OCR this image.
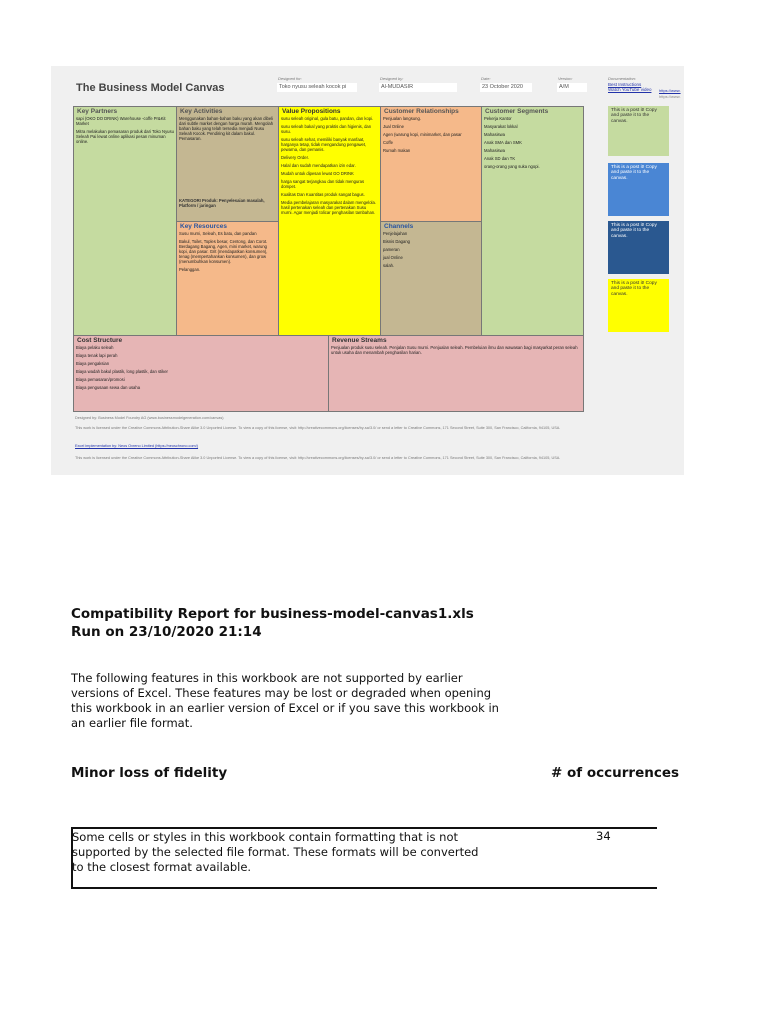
The Business Model Canvas
Designed for:
Toko nyusu seleah kocok pi
Designed by:
Al-MUDASIR
Date:
23 October 2020
Version:
A/M
Documentation:
Best Instructions
Watch YouTube video https://www.
https://www.
Key Partners
sapi (OKO DO DRINK) Warehouse -coffe Pr&Kit Market
Mitra melakukan pemasaran produk dari Toko Nyusu Seleah Pai lewat online aplikasi pesan minuman online.
Key Activities
Menggunakan bahan-bahan baku yang akan dibeli dari subtle market dengan harga murah. Mengolah bahan baku yang telah tersedia menjadi Nusu Seleah Kocok. Pendiring kit dalam bakul. Pemasaran.
KATEGORI Produk: Penyelesaian masalah, Platform / jaringan
Key Resources
Susu murni, Seleah, Es batu, dan pandan
Bakul, Toilet, Toples besar, Centong, dan Corot. Berdagang Bagang, Agen, mini market, warung kopi, dan pasar. Grit (mendapatkan konsumen), tenag (mempertahankan konsumen), dan grow (menumbuhkan konsumen).
Pelanggan.
Value Propositions
susu seleah original, gula batu, pandan, dan kopi.
susu seleah bakal yang praktis dan higienis, dan susu.
susu seleah sehat, memiliki banyak manfaat, harganya tetap, tidak mengandung pengawet, pewarna, dan pemanis.
Delivery Order.
Halal dan sudah mendapatkan izin edar.
Mudah untuk dipesan lewat GO DRINK
harga sangat terjangkau dan tidak menguras dompet.
Kualitas Dan Kuantitas produk sangat bagus.
Media pembelajaran masyarakat dalam mengelola. hasil pertenakan seleah dan pertenakan Susu murni. Agar menjadi tolicar penghasilan tambahan.
Customer Relationships
Penjualan langsung.
Jual Online
Agen (warung kopi, minimarket, dan pasar
Coffe
Rumah makan
Channels
Penjelajahan
Bisnis Dagang
pameran
jual Online
salah.
Customer Segments
Pekerja Kantor
Masyarakat lokkal
Mahasiswa
Anak SMA dan SMK
Mahasiswa
Anak SD dan TK
orang-orang yang suka ngopi.
Cost Structure
Biaya pelaku seleah
Biaya tenak lapi perah
Biaya pengaksian
Biaya wadah bakul plastik, long plastik, dan stiker
Biaya pemasaran/promosi
Biaya pengusaan sewa dan usaha
Revenue Streams
Penjualan produk susu seleah. Penjalan Susu murni. Penjualan seleah. Pembeluian ilmu dan wawasan bagi masyarkat peran seleah untuk usaha dan menambah penghasilan harian.
This is a post it! Copy and paste it to the canvas.
This is a post it! Copy and paste it to the canvas.
This is a post it! Copy and paste it to the canvas.
This is a post it! Copy and paste it to the canvas.
Designed by: Business Model Foundry AG (www.businessmodelgeneration.com/canvas)
This work is licensed under the Creative Commons Attribution-Share Alike 3.0 Unported License. To view a copy of this license, visit: http://creativecommons.org/licenses/by-sa/3.0/ or send a letter to Creative Commons, 171 Second Street, Suite 300, San Francisco, California, 94105, USA.
Excel implementation by: Neos Ovreno Limited (https://neoschrono.com/)
This work is licensed under the Creative Commons Attribution-Share Alike 3.0 Unported License. To view a copy of this license, visit: http://creativecommons.org/licenses/by-sa/3.0/ or send a letter to Creative Commons, 171 Second Street, Suite 300, San Francisco, California, 94105, USA.
Compatibility Report for business-model-canvas1.xls
Run on 23/10/2020 21:14
The following features in this workbook are not supported by earlier versions of Excel. These features may be lost or degraded when opening this workbook in an earlier version of Excel or if you save this workbook in an earlier file format.
Minor loss of fidelity	# of occurrences
Some cells or styles in this workbook contain formatting that is not supported by the selected file format. These formats will be converted to the closest format available.
34
